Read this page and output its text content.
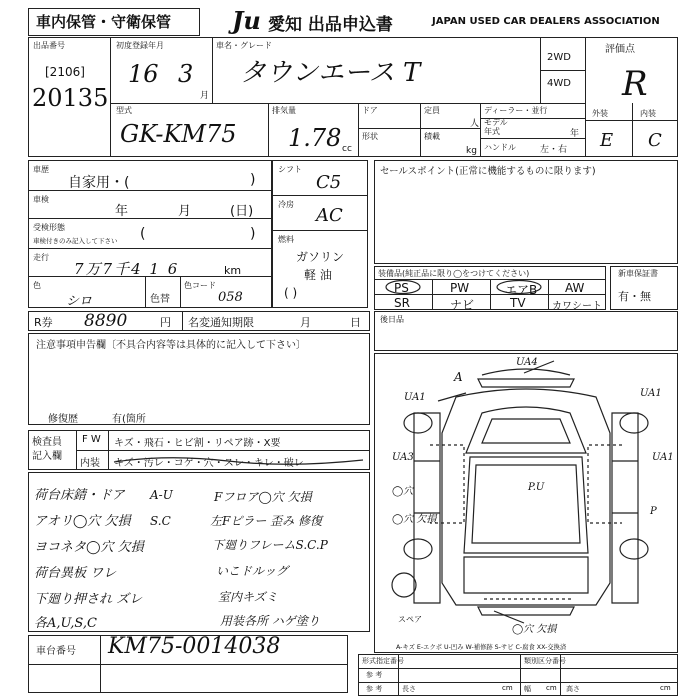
車内保管・守衛保管	Ju 愛知 出品申込書	JAPAN USED CAR DEALERS ASSOCIATION
出品番号
[2106]
20135
初度登録年月
16 3
月
車名・グレード
タウンエース T
2WD
4WD
評価点
R
型式
GK-KM75
排気量
1.78 cc
ドア
形状
定員
人
積載
kg
ディーラー・並行
モデル
年式	年
ハンドル	左・右
外装	内装
E C
車歴
自家用・(	)
車検
年	月	(日)
受検形態
車検付きのみ記入して下さい (	)
走行
7万7千4 1 6	km
色
シロ	色替
色コード
058
シフト
C5
冷房
AC
燃料
ガソリン
軽 油
( )
セールスポイント(正常に機能するものに限ります)
装備品(純正品に限り◯をつけてください)
PS	PW	エアB AW
SR	ナビ	TV	カワシート
新車保証書
有・無
R券 8890	円 名変通知期限	月	日 後日品
注意事項申告欄〔不具合内容等は具体的に記入して下さい〕
修復歴	有(箇所
検査員
記入欄
F W キズ・飛石・ヒビ割・リペア跡・X要
内装 キズ・汚レ・コゲ・穴・スレ・キレ・破レ
荷台床錆・ドア A-U
アオリ◯穴 欠損 S.C
ヨコネタ◯穴 欠損
荷台異板 ワレ
下廻り押され ズレ
各A,U,S,C
Fフロア◯穴 欠損
左Fピラー 歪み 修復
下廻りフレームS.C.P
いこドルッグ
室内キズミ
用装各所 ハゲ塗り
車台番号 KM75-0014038
UA4
UA1
A
UA1
UA3	UA1
P.U
◯穴
◯穴 欠損
◯穴 欠損
スペア
P
A-キズ E-エクボ U-凹み W-補修跡 S-サビ C-腐食 XX-交換済
形式指定番号
参 考
参 考
類別区分番号
長さ	幅	高さ
cm	cm	cm
